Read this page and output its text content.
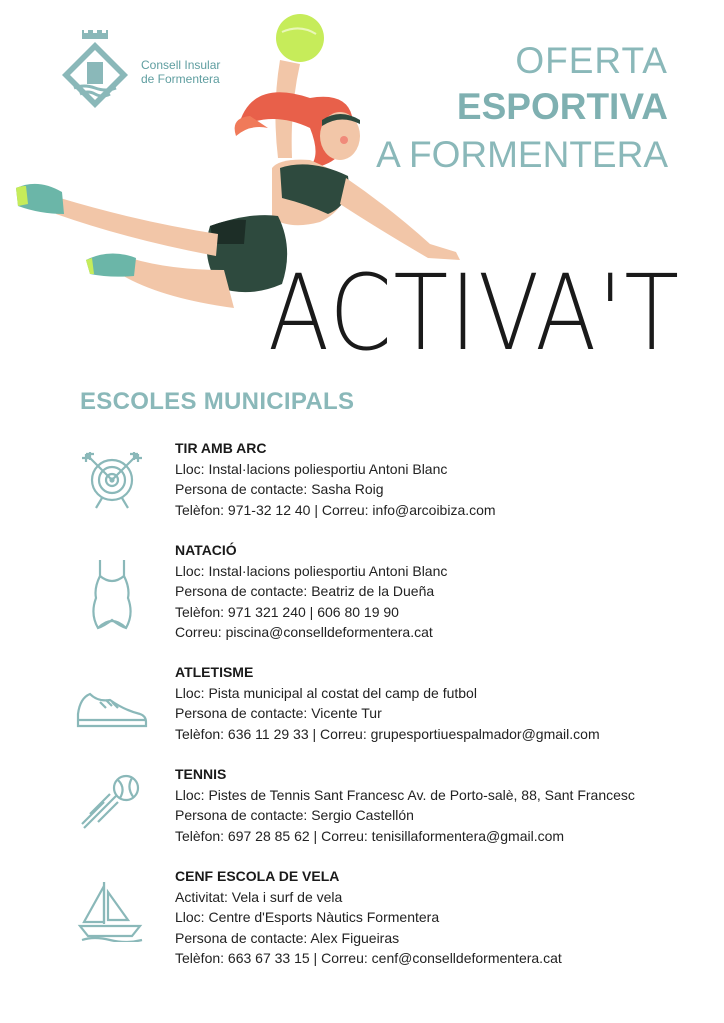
Consell Insular
de Formentera	OFERTA
ESPORTIVA
A FORMENTERA
ACTIVA'T
ESCOLES MUNICIPALS
TIR AMB ARC
Lloc: Instal·lacions poliesportiu Antoni Blanc
Persona de contacte: Sasha Roig
Telèfon: 971-32 12 40 | Correu: info@arcoibiza.com
NATACIÓ
Lloc: Instal·lacions poliesportiu Antoni Blanc
Persona de contacte: Beatriz de la Dueña
Telèfon: 971 321 240 | 606 80 19 90
Correu: piscina@conselldeformentera.cat
ATLETISME
Lloc: Pista municipal al costat del camp de futbol
Persona de contacte: Vicente Tur
Telèfon: 636 11 29 33 | Correu: grupesportiuespalmador@gmail.com
TENNIS
Lloc: Pistes de Tennis Sant Francesc Av. de Porto-salè, 88, Sant Francesc
Persona de contacte: Sergio Castellón
Telèfon: 697 28 85 62 | Correu: tenisillaformentera@gmail.com
CENF ESCOLA DE VELA
Activitat: Vela i surf de vela
Lloc: Centre d'Esports Nàutics Formentera
Persona de contacte: Alex Figueiras
Telèfon: 663 67 33 15 | Correu: cenf@conselldeformentera.cat
